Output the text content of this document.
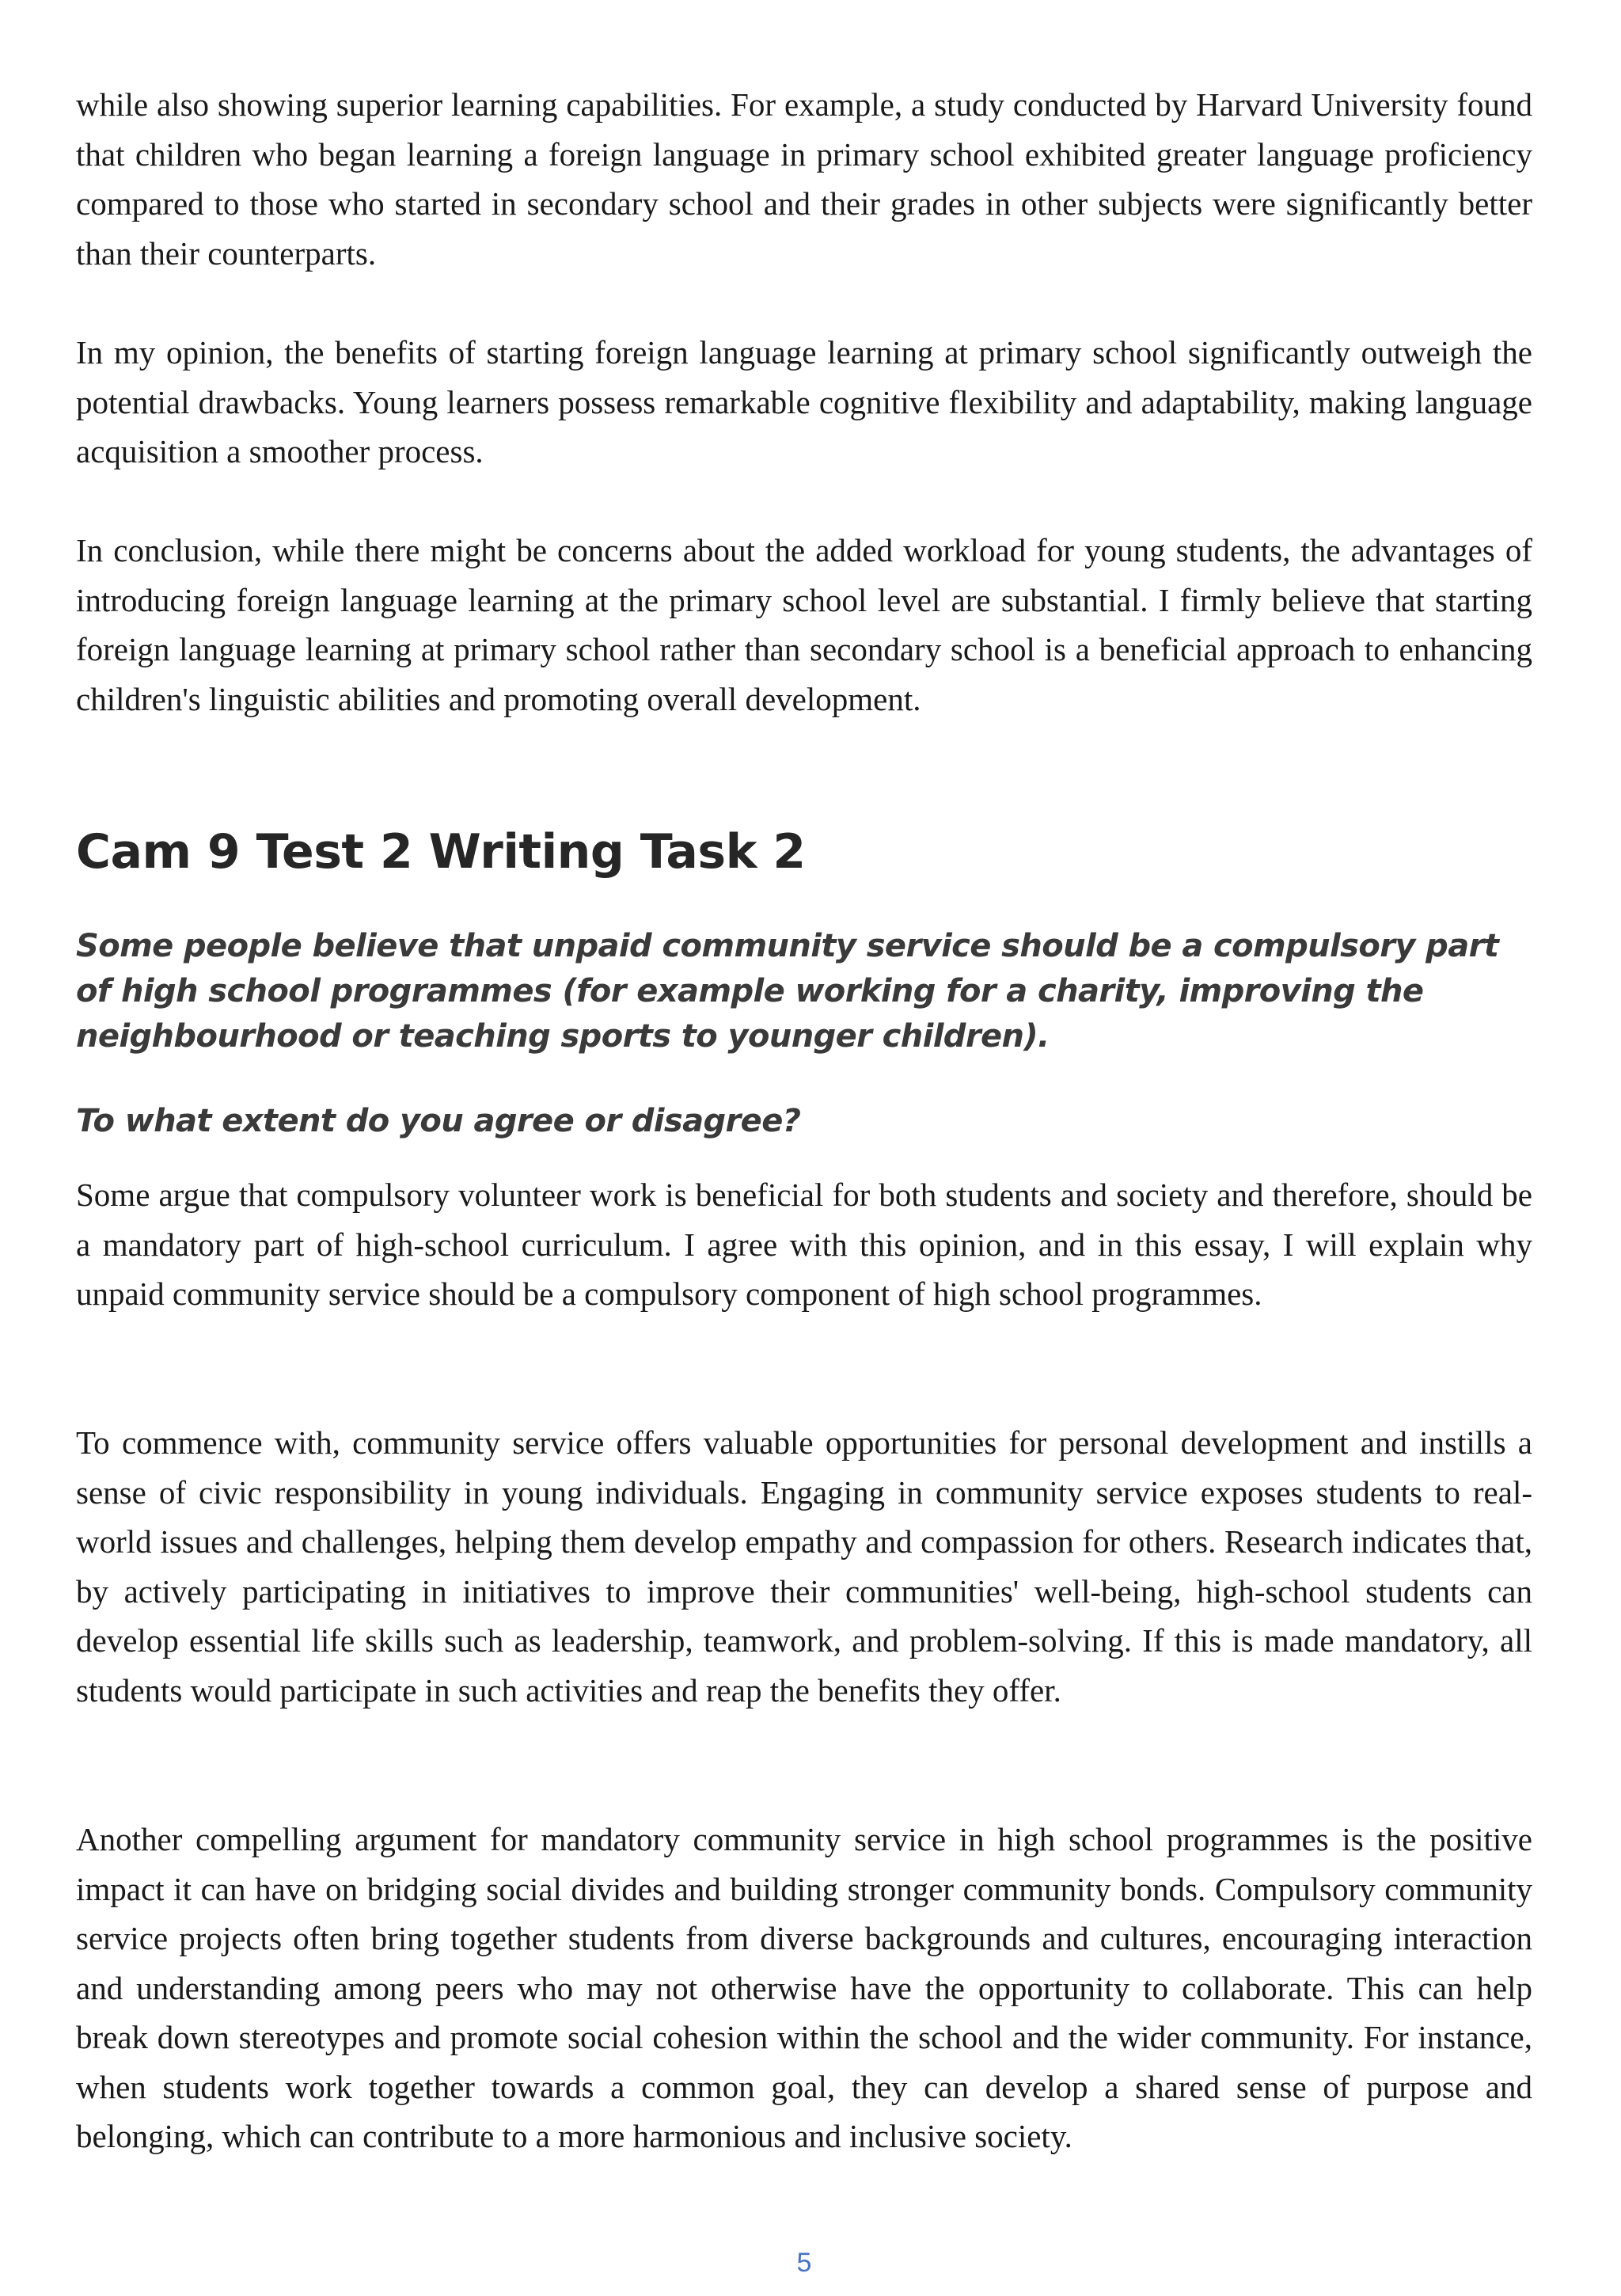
while also showing superior learning capabilities. For example, a study conducted by Harvard University found that children who began learning a foreign language in primary school exhibited greater language proficiency compared to those who started in secondary school and their grades in other subjects were significantly better than their counterparts.

In my opinion, the benefits of starting foreign language learning at primary school significantly outweigh the potential drawbacks. Young learners possess remarkable cognitive flexibility and adaptability, making language acquisition a smoother process.

In conclusion, while there might be concerns about the added workload for young students, the advantages of introducing foreign language learning at the primary school level are substantial. I firmly believe that starting foreign language learning at primary school rather than secondary school is a beneficial approach to enhancing children's linguistic abilities and promoting overall development.

Cam 9 Test 2 Writing Task 2

Some people believe that unpaid community service should be a compulsory part of high school programmes (for example working for a charity, improving the neighbourhood or teaching sports to younger children).

To what extent do you agree or disagree?

Some argue that compulsory volunteer work is beneficial for both students and society and therefore, should be a mandatory part of high-school curriculum. I agree with this opinion, and in this essay, I will explain why unpaid community service should be a compulsory component of high school programmes.

To commence with, community service offers valuable opportunities for personal development and instills a sense of civic responsibility in young individuals. Engaging in community service exposes students to real-world issues and challenges, helping them develop empathy and compassion for others. Research indicates that, by actively participating in initiatives to improve their communities' well-being, high-school students can develop essential life skills such as leadership, teamwork, and problem-solving. If this is made mandatory, all students would participate in such activities and reap the benefits they offer.

Another compelling argument for mandatory community service in high school programmes is the positive impact it can have on bridging social divides and building stronger community bonds. Compulsory community service projects often bring together students from diverse backgrounds and cultures, encouraging interaction and understanding among peers who may not otherwise have the opportunity to collaborate. This can help break down stereotypes and promote social cohesion within the school and the wider community. For instance, when students work together towards a common goal, they can develop a shared sense of purpose and belonging, which can contribute to a more harmonious and inclusive society.

5
